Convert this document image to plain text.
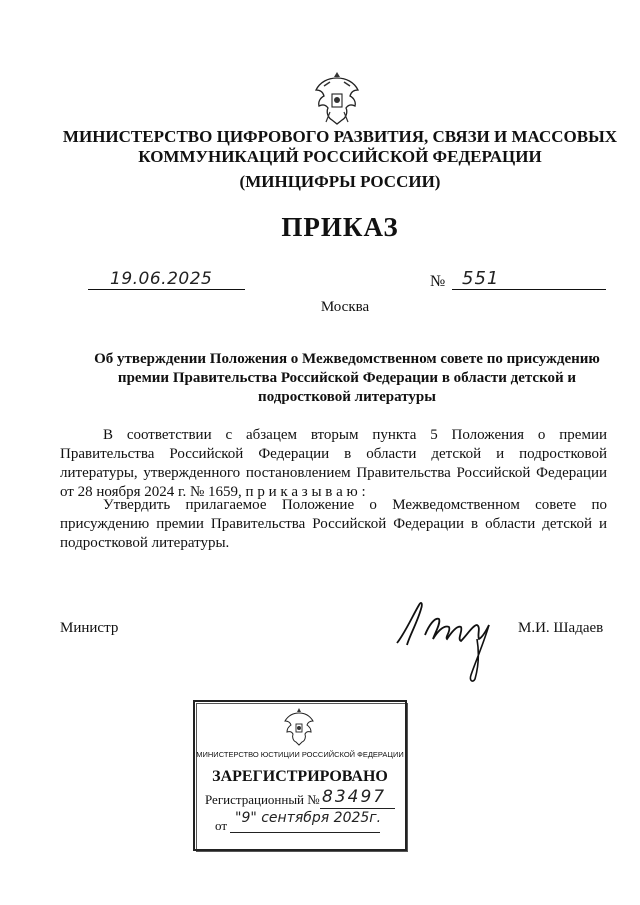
МИНИСТЕРСТВО ЦИФРОВОГО РАЗВИТИЯ, СВЯЗИ И МАССОВЫХ
КОММУНИКАЦИЙ РОССИЙСКОЙ ФЕДЕРАЦИИ
(МИНЦИФРЫ РОССИИ)
ПРИКАЗ
19.06.2025	№ 551
Москва
Об утверждении Положения о Межведомственном совете по присуждению премии Правительства Российской Федерации в области детской и подростковой литературы
В соответствии с абзацем вторым пункта 5 Положения о премии Правительства Российской Федерации в области детской и подростковой литературы, утвержденного постановлением Правительства Российской Федерации от 28 ноября 2024 г. № 1659, п р и к а з ы в а ю :
Утвердить прилагаемое Положение о Межведомственном совете по присуждению премии Правительства Российской Федерации в области детской и подростковой литературы.
Министр	М.И. Шадаев
МИНИСТЕРСТВО ЮСТИЦИИ РОССИЙСКОЙ ФЕДЕРАЦИИ
ЗАРЕГИСТРИРОВАНО
Регистрационный № 83497
от "9" сентября 2025г.
